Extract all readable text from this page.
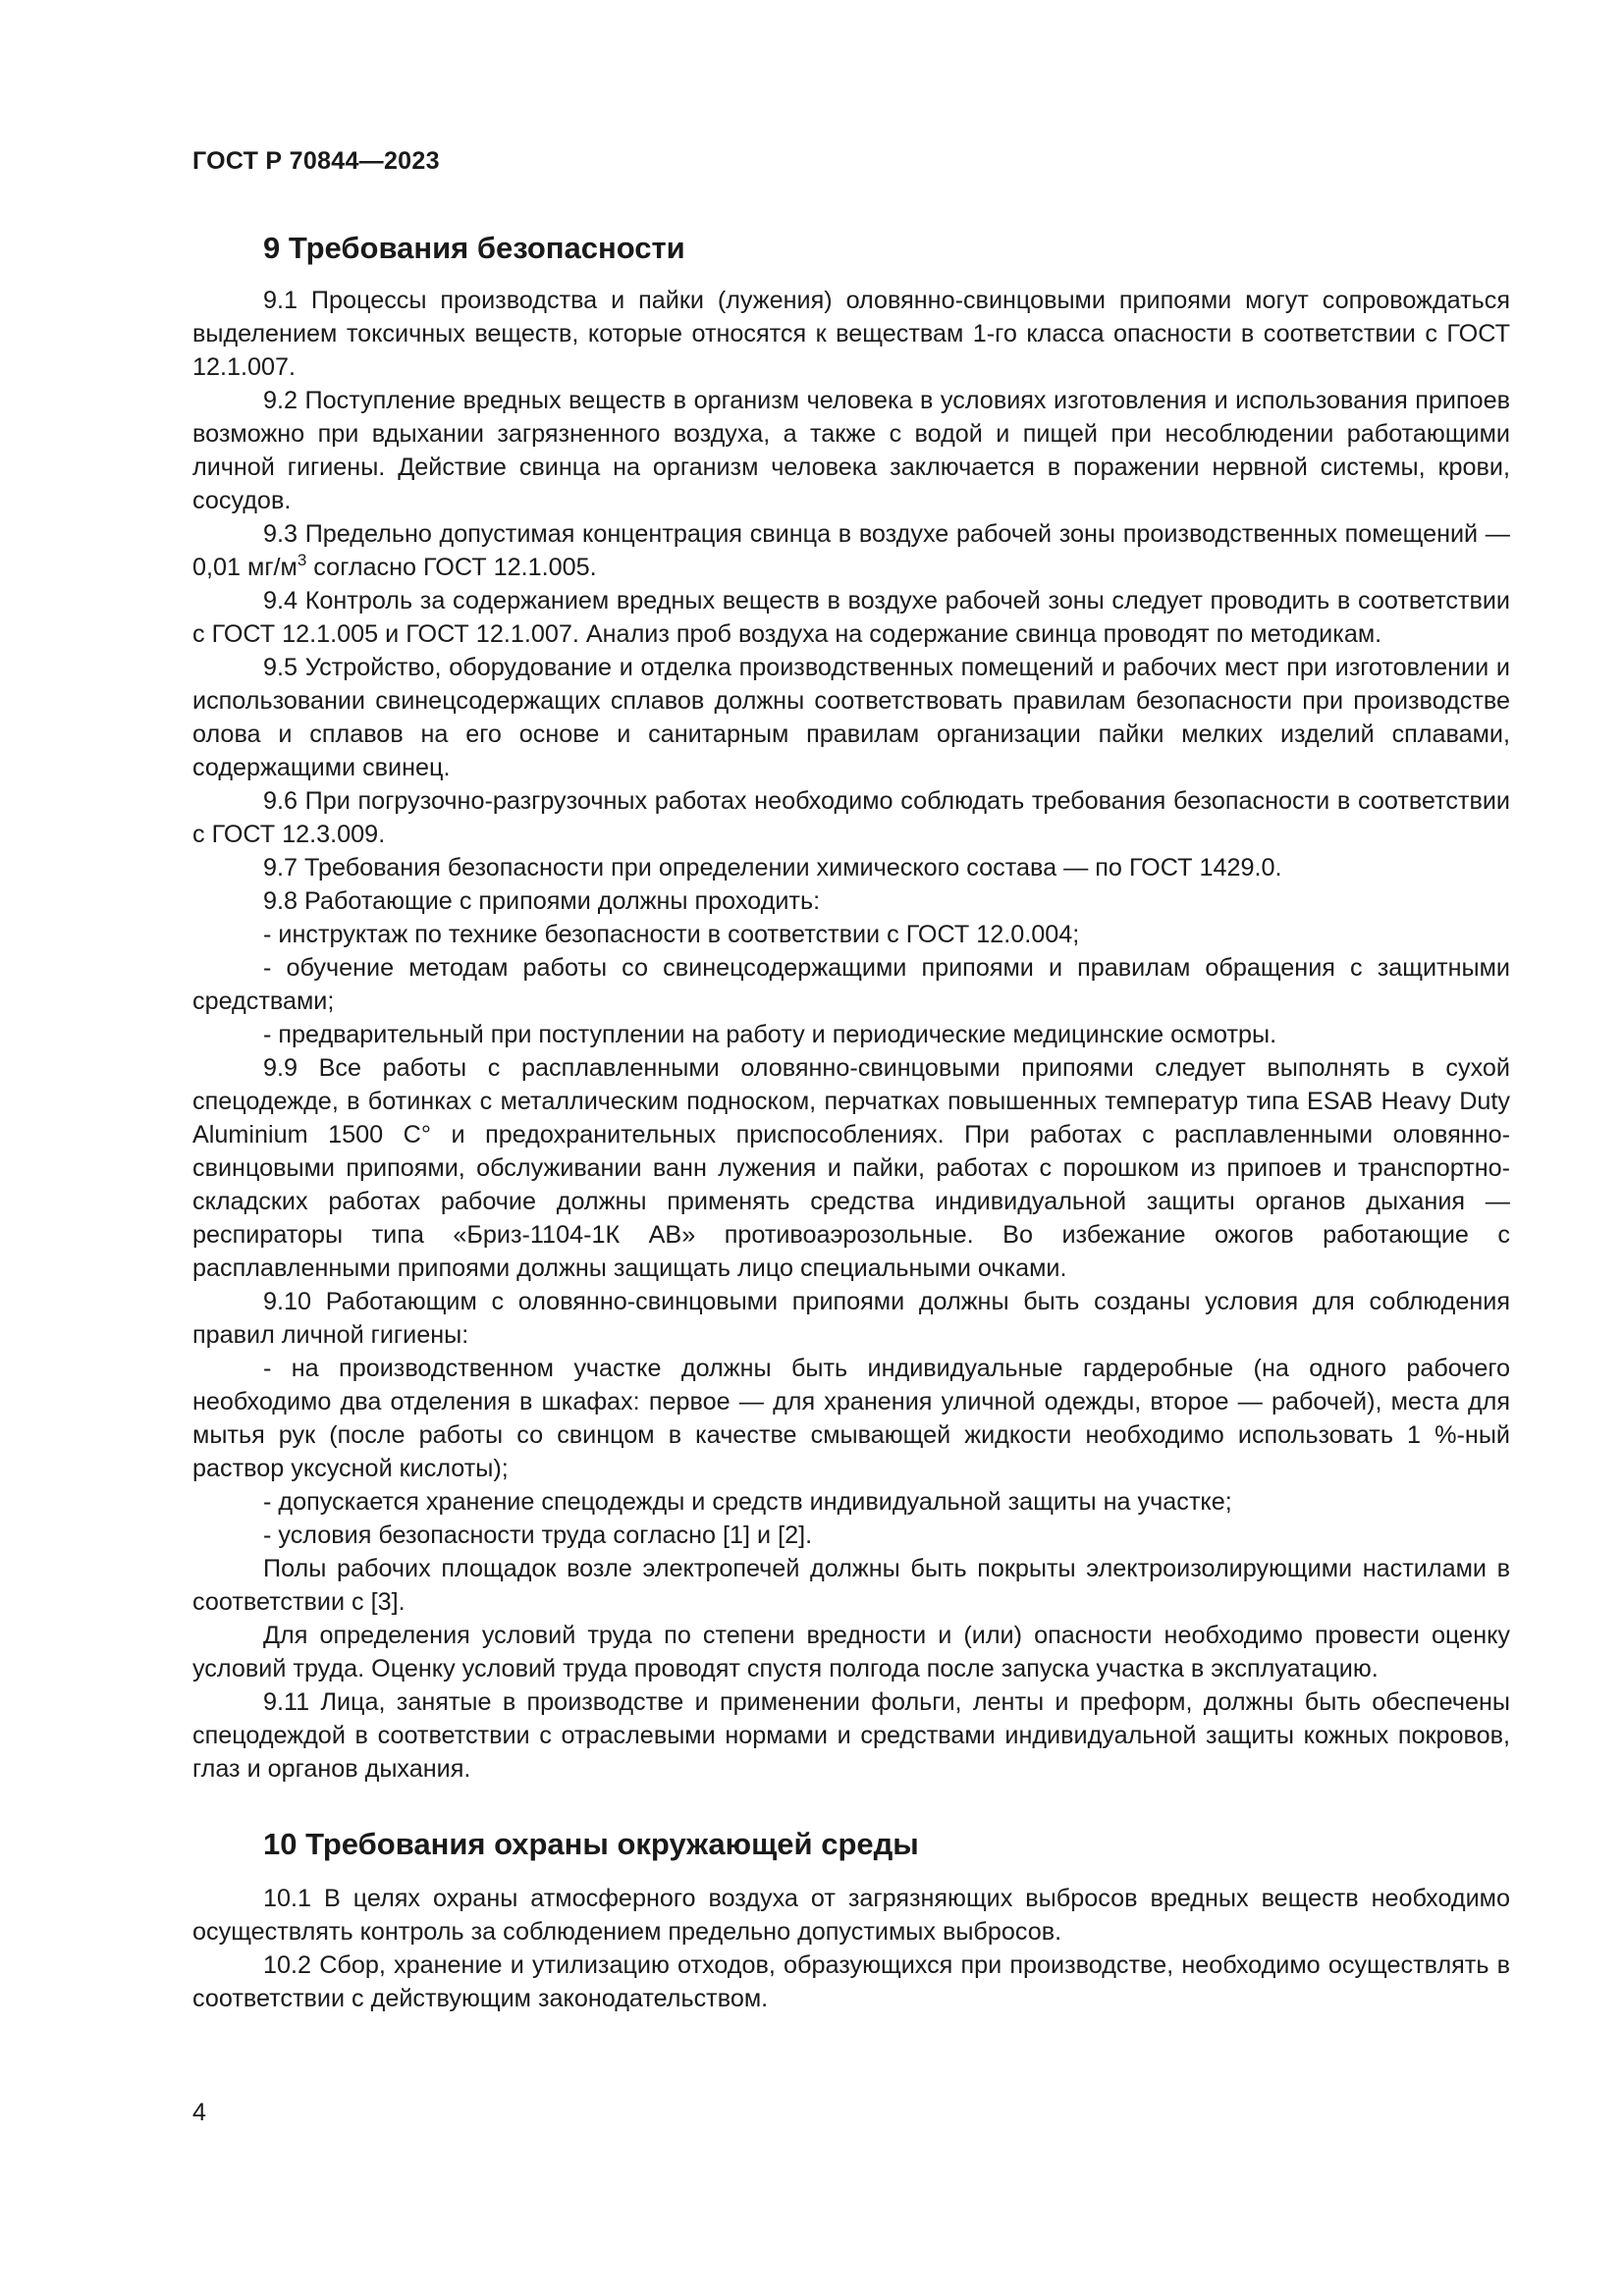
ГОСТ Р 70844—2023
9 Требования безопасности

9.1 Процессы производства и пайки (лужения) оловянно-свинцовыми припоями могут сопровождаться выделением токсичных веществ, которые относятся к веществам 1-го класса опасности в соответствии с ГОСТ 12.1.007.

9.2 Поступление вредных веществ в организм человека в условиях изготовления и использования припоев возможно при вдыхании загрязненного воздуха, а также с водой и пищей при несоблюдении работающими личной гигиены. Действие свинца на организм человека заключается в поражении нервной системы, крови, сосудов.

9.3 Предельно допустимая концентрация свинца в воздухе рабочей зоны производственных помещений — 0,01 $мг/м^3$ согласно ГОСТ 12.1.005.

9.4 Контроль за содержанием вредных веществ в воздухе рабочей зоны следует проводить в соответствии с ГОСТ 12.1.005 и ГОСТ 12.1.007. Анализ проб воздуха на содержание свинца проводят по методикам.

9.5 Устройство, оборудование и отделка производственных помещений и рабочих мест при изготовлении и использовании свинецсодержащих сплавов должны соответствовать правилам безопасности при производстве олова и сплавов на его основе и санитарным правилам организации пайки мелких изделий сплавами, содержащими свинец.

9.6 При погрузочно-разгрузочных работах необходимо соблюдать требования безопасности в соответствии с ГОСТ 12.3.009.

9.7 Требования безопасности при определении химического состава — по ГОСТ 1429.0.

9.8 Работающие с припоями должны проходить:

- инструктаж по технике безопасности в соответствии с ГОСТ 12.0.004;

- обучение методам работы со свинецсодержащими припоями и правилам обращения с защитными средствами;

- предварительный при поступлении на работу и периодические медицинские осмотры.

9.9 Все работы с расплавленными оловянно-свинцовыми припоями следует выполнять в сухой спецодежде, в ботинках с металлическим подноском, перчатках повышенных температур типа ESAB Heavy Duty Aluminium 1500 С° и предохранительных приспособлениях. При работах с расплавленными оловянно-свинцовыми припоями, обслуживании ванн лужения и пайки, работах с порошком из припоев и транспортно-складских работах рабочие должны применять средства индивидуальной защиты органов дыхания — респираторы типа «Бриз-1104-1К АВ» противоаэрозольные. Во избежание ожогов работающие с расплавленными припоями должны защищать лицо специальными очками.

9.10 Работающим с оловянно-свинцовыми припоями должны быть созданы условия для соблюдения правил личной гигиены:

- на производственном участке должны быть индивидуальные гардеробные (на одного рабочего необходимо два отделения в шкафах: первое — для хранения уличной одежды, второе — рабочей), места для мытья рук (после работы со свинцом в качестве смывающей жидкости необходимо использовать 1 %-ный раствор уксусной кислоты);

- допускается хранение спецодежды и средств индивидуальной защиты на участке;

- условия безопасности труда согласно [1] и [2].

Полы рабочих площадок возле электропечей должны быть покрыты электроизолирующими настилами в соответствии с [3].

Для определения условий труда по степени вредности и (или) опасности необходимо провести оценку условий труда. Оценку условий труда проводят спустя полгода после запуска участка в эксплуатацию.

9.11 Лица, занятые в производстве и применении фольги, ленты и преформ, должны быть обеспечены спецодеждой в соответствии с отраслевыми нормами и средствами индивидуальной защиты кожных покровов, глаз и органов дыхания.

10 Требования охраны окружающей среды

10.1 В целях охраны атмосферного воздуха от загрязняющих выбросов вредных веществ необходимо осуществлять контроль за соблюдением предельно допустимых выбросов.

10.2 Сбор, хранение и утилизацию отходов, образующихся при производстве, необходимо осуществлять в соответствии с действующим законодательством.

4
